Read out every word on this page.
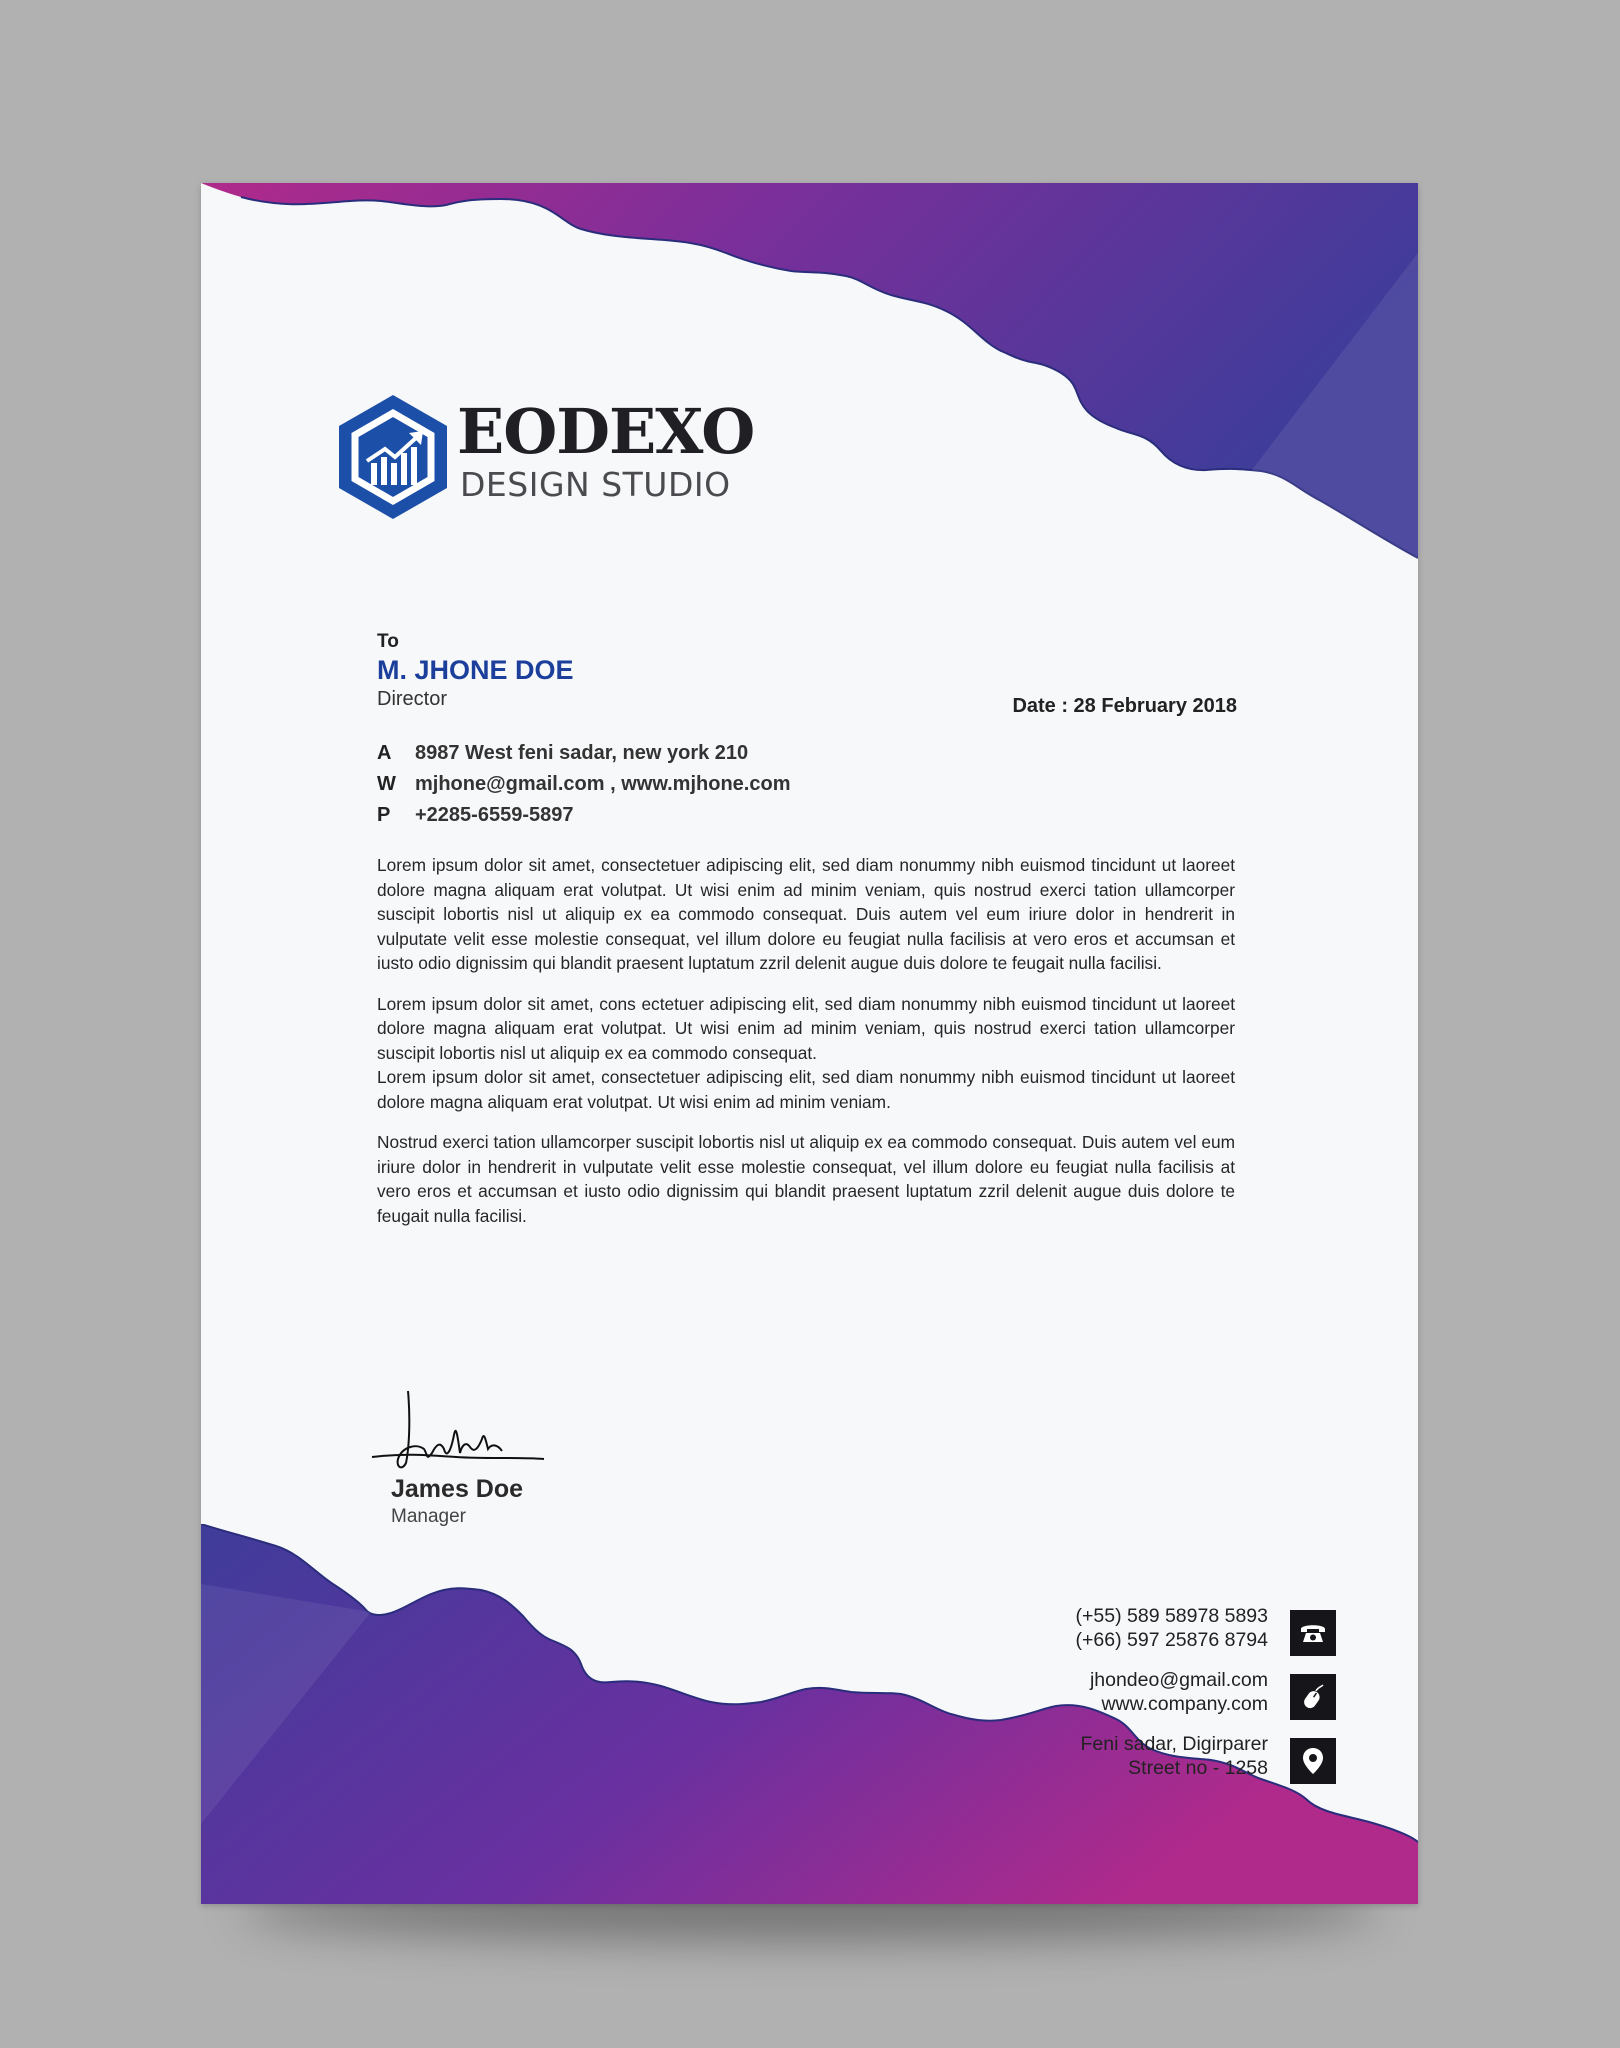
EODEXO
DESIGN STUDIO
To
M. JHONE DOE
Director	Date : 28 February 2018
A	8987 West feni sadar, new york 210
W mjhone@gmail.com , www.mjhone.com
P	+2285-6559-5897

Lorem ipsum dolor sit amet, consectetuer adipiscing elit, sed diam nonummy nibh euismod tincidunt ut laoreet dolore magna aliquam erat volutpat. Ut wisi enim ad minim veniam, quis nostrud exerci tation ullamcorper suscipit lobortis nisl ut aliquip ex ea commodo consequat. Duis autem vel eum iriure dolor in hendrerit in vulputate velit esse molestie consequat, vel illum dolore eu feugiat nulla facilisis at vero eros et accumsan et iusto odio dignissim qui blandit praesent luptatum zzril delenit augue duis dolore te feugait nulla facilisi.

Lorem ipsum dolor sit amet, cons ectetuer adipiscing elit, sed diam nonummy nibh euismod tincidunt ut laoreet dolore magna aliquam erat volutpat. Ut wisi enim ad minim veniam, quis nostrud exerci tation ullamcorper suscipit lobortis nisl ut aliquip ex ea commodo consequat.

Lorem ipsum dolor sit amet, consectetuer adipiscing elit, sed diam nonummy nibh euismod tincidunt ut laoreet dolore magna aliquam erat volutpat. Ut wisi enim ad minim veniam.

Nostrud exerci tation ullamcorper suscipit lobortis nisl ut aliquip ex ea commodo consequat. Duis autem vel eum iriure dolor in hendrerit in vulputate velit esse molestie consequat, vel illum dolore eu feugiat nulla facilisis at vero eros et accumsan et iusto odio dignissim qui blandit praesent luptatum zzril delenit augue duis dolore te feugait nulla facilisi.

James Doe
Manager
(+55) 589 58978 5893
(+66) 597 25876 8794
jhondeo@gmail.com
www.company.com
Feni sadar, Digirparer
Street no - 1258
